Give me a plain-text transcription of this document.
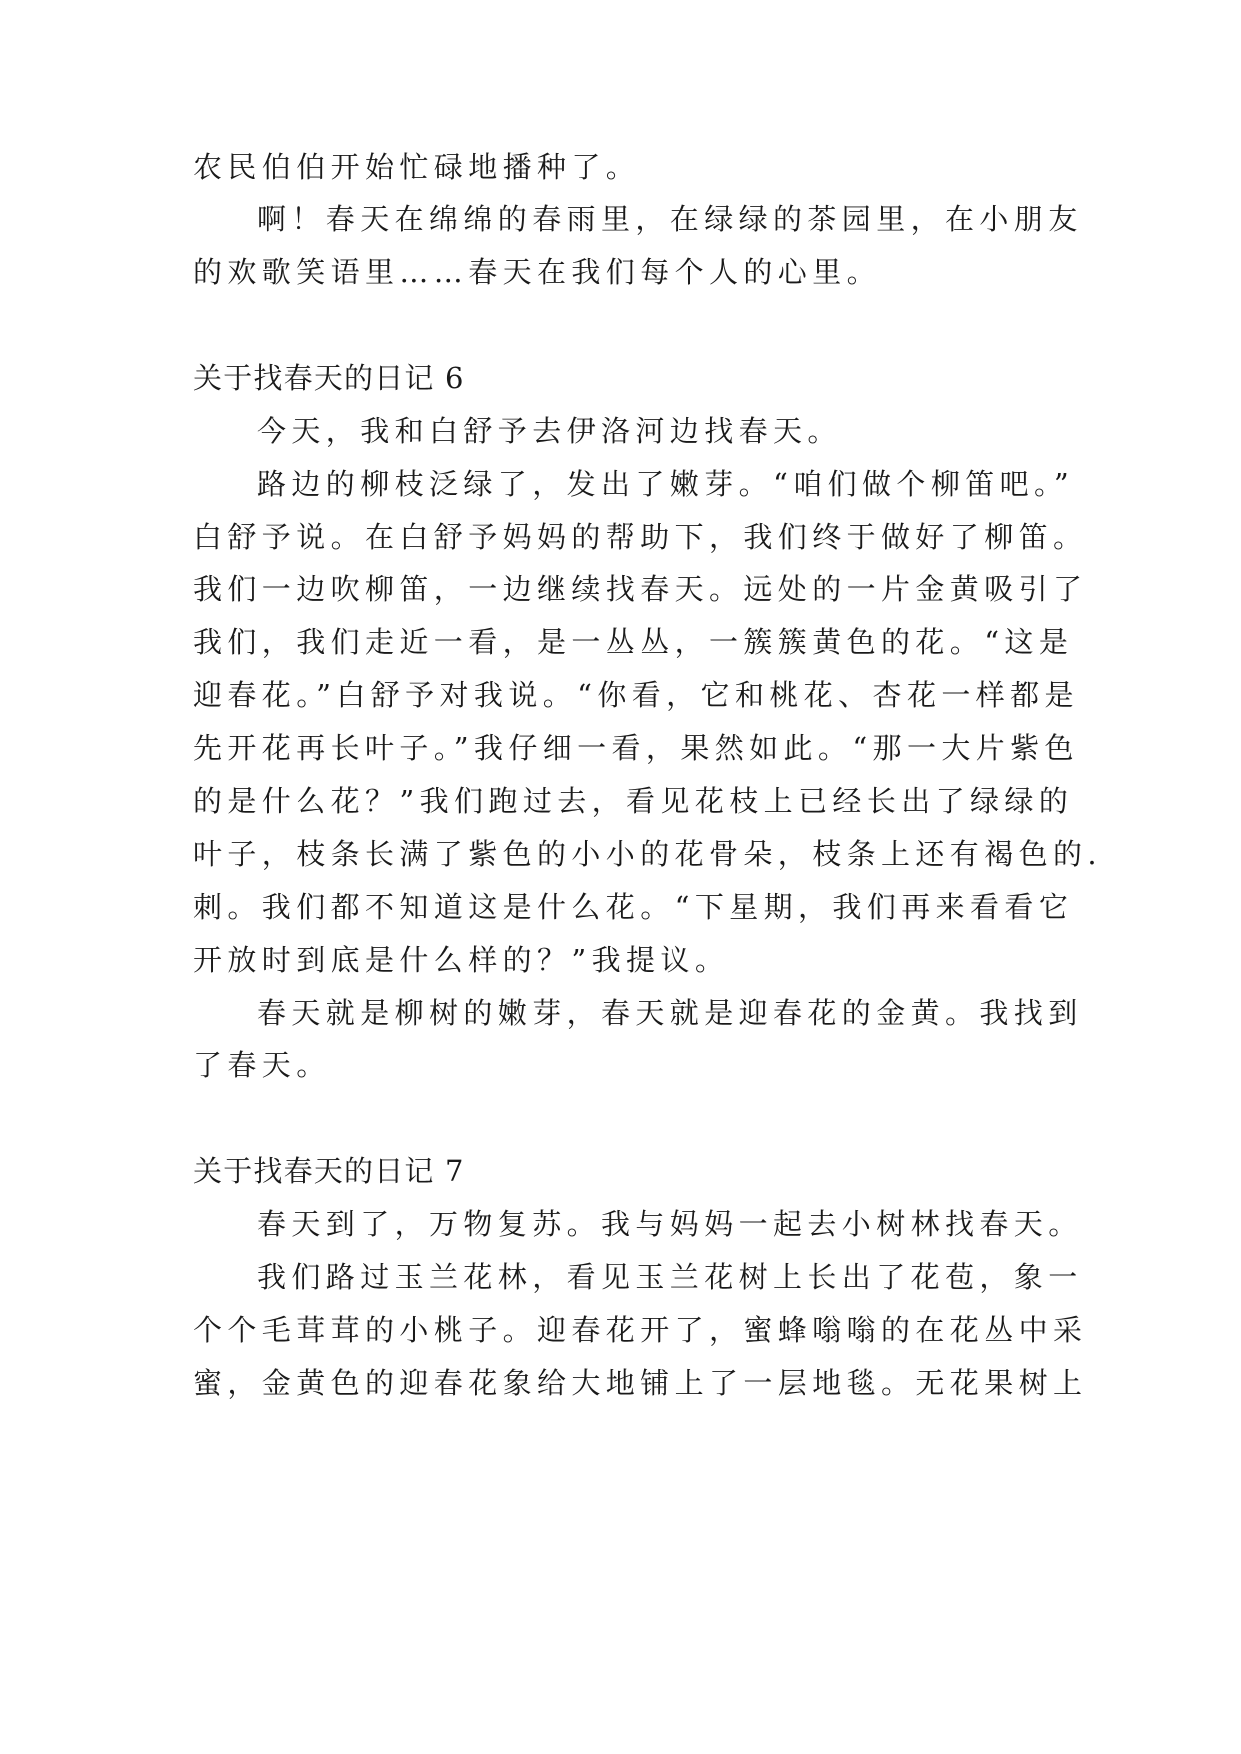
农民伯伯开始忙碌地播种了。
啊！春天在绵绵的春雨里，在绿绿的茶园里，在小朋友
的欢歌笑语里……春天在我们每个人的心里。
关于找春天的日记 6
今天，我和白舒予去伊洛河边找春天。
路边的柳枝泛绿了，发出了嫩芽。“咱们做个柳笛吧。”
白舒予说。在白舒予妈妈的帮助下，我们终于做好了柳笛。
我们一边吹柳笛，一边继续找春天。远处的一片金黄吸引了
我们，我们走近一看，是一丛丛，一簇簇黄色的花。“这是
迎春花。”白舒予对我说。“你看，它和桃花、杏花一样都是
先开花再长叶子。”我仔细一看，果然如此。“那一大片紫色
的是什么花？”我们跑过去，看见花枝上已经长出了绿绿的
叶子，枝条长满了紫色的小小的花骨朵，枝条上还有褐色的.
刺。我们都不知道这是什么花。“下星期，我们再来看看它
开放时到底是什么样的？”我提议。
春天就是柳树的嫩芽，春天就是迎春花的金黄。我找到
了春天。
关于找春天的日记 7
春天到了，万物复苏。我与妈妈一起去小树林找春天。
我们路过玉兰花林，看见玉兰花树上长出了花苞，象一
个个毛茸茸的小桃子。迎春花开了，蜜蜂嗡嗡的在花丛中采
蜜，金黄色的迎春花象给大地铺上了一层地毯。无花果树上
